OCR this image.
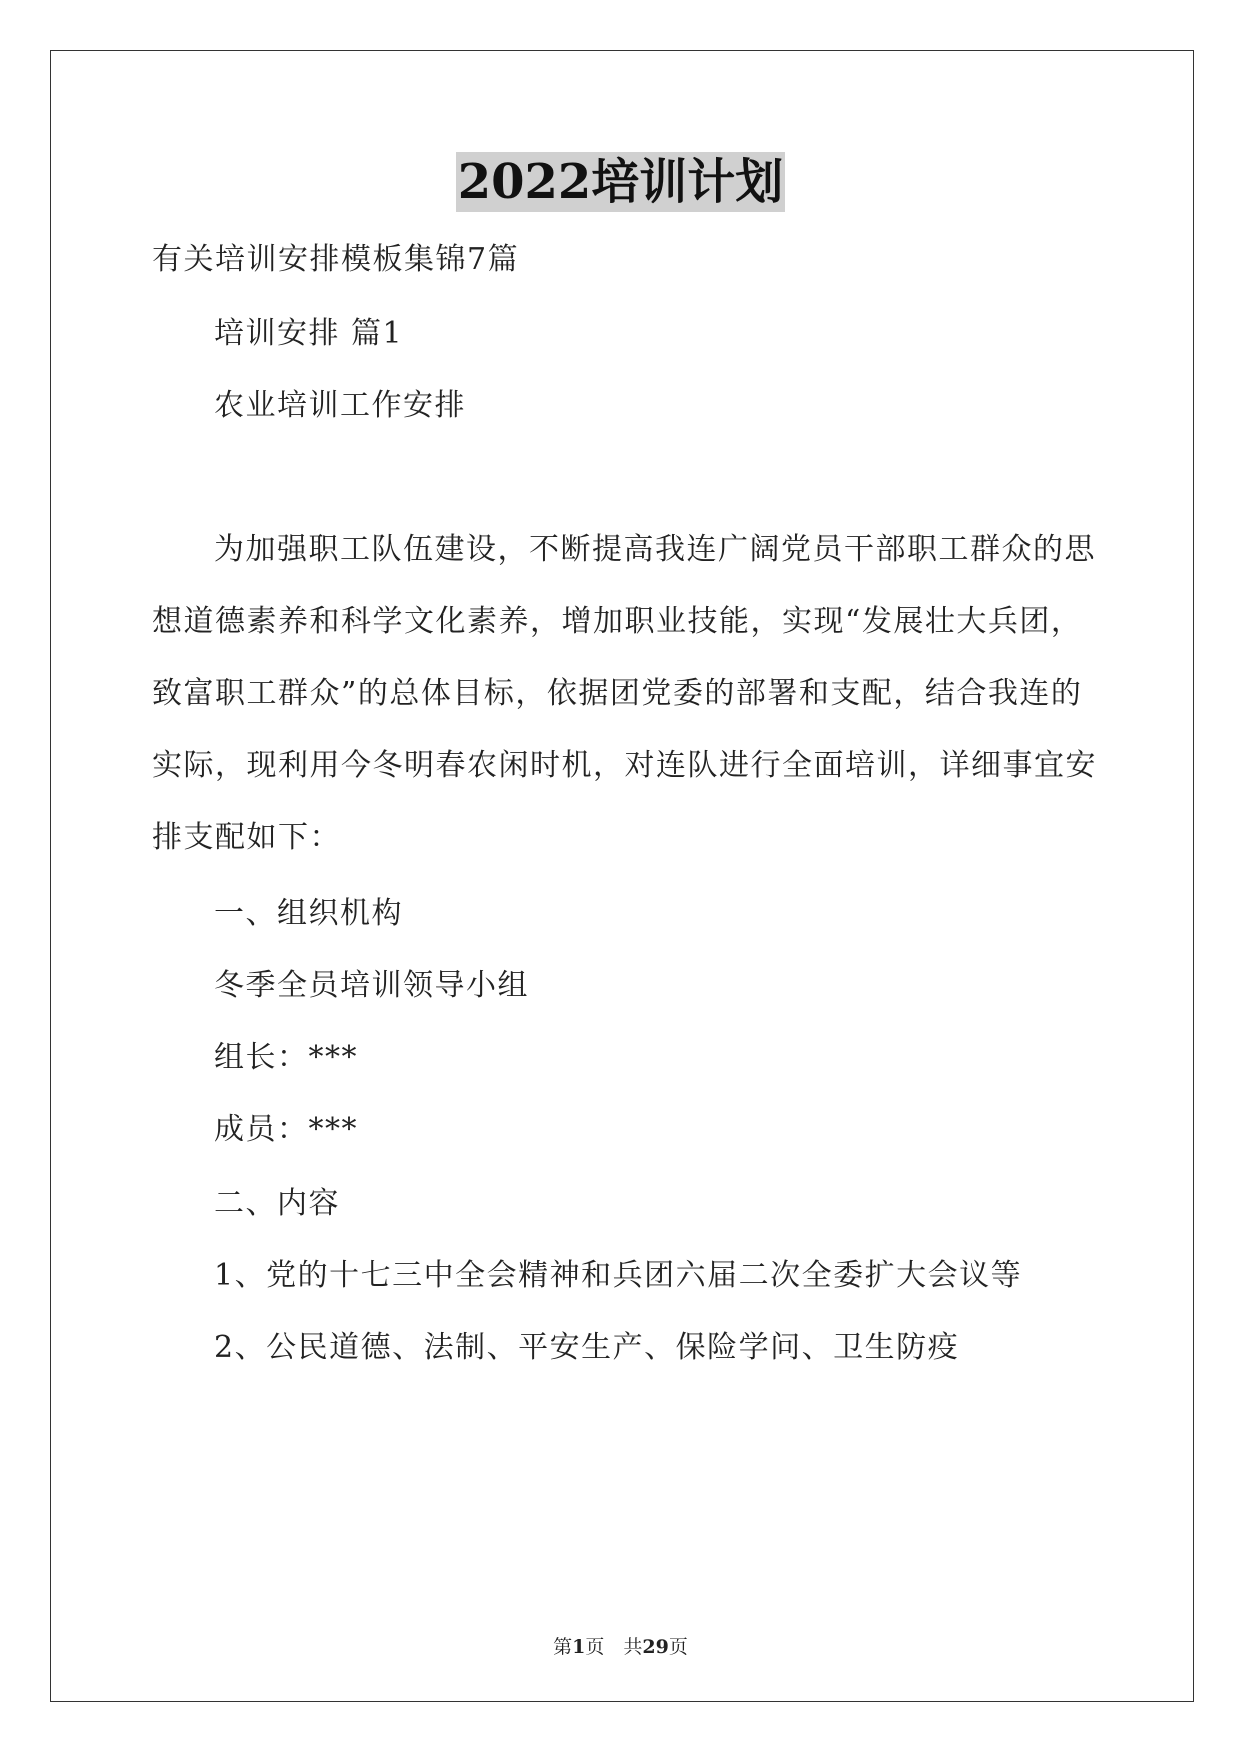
2022培训计划
有关培训安排模板集锦7篇
培训安排 篇1
农业培训工作安排
为加强职工队伍建设，不断提高我连广阔党员干部职工群众的思
想道德素养和科学文化素养，增加职业技能，实现“发展壮大兵团，
致富职工群众”的总体目标，依据团党委的部署和支配，结合我连的
实际，现利用今冬明春农闲时机，对连队进行全面培训，详细事宜安
排支配如下：
一、组织机构
冬季全员培训领导小组
组长：***
成员：***
二、内容
1、党的十七三中全会精神和兵团六届二次全委扩大会议等
2、公民道德、法制、平安生产、保险学问、卫生防疫
第1页　共29页
